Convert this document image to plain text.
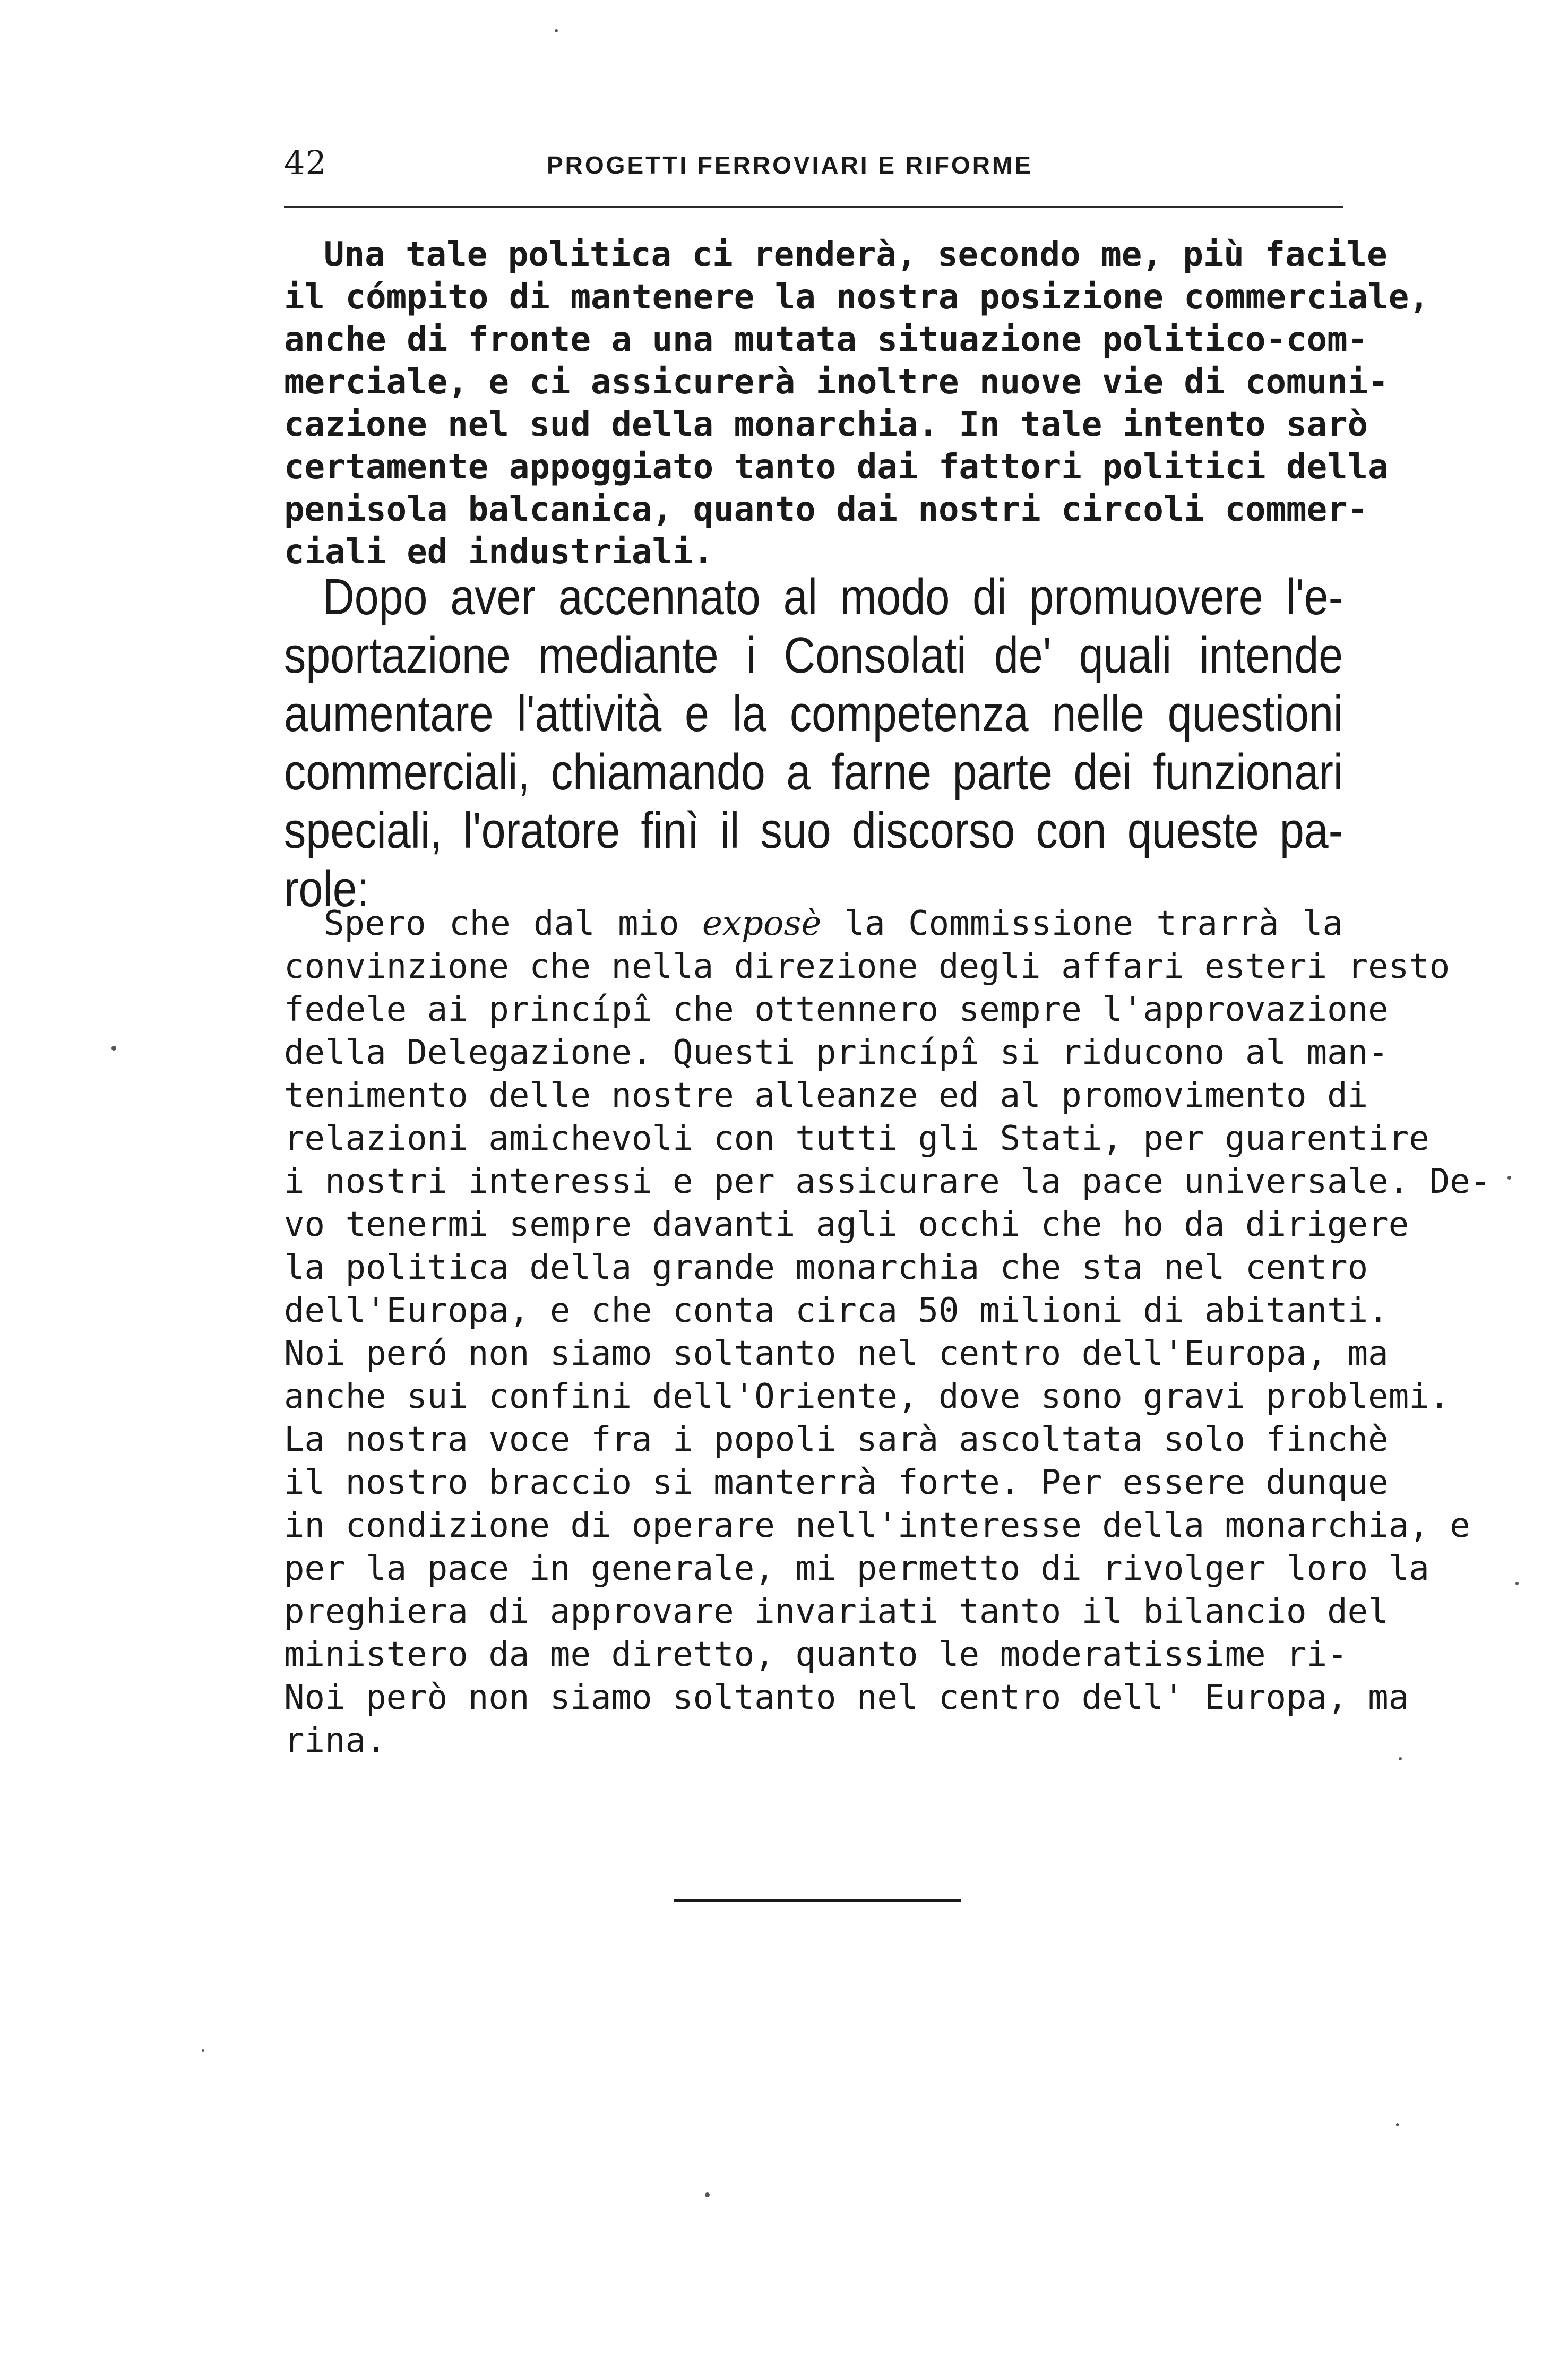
42	PROGETTI FERROVIARI E RIFORME
Una tale politica ci renderà, secondo me, più facile
il cómpito di mantenere la nostra posizione commerciale,
anche di fronte a una mutata situazione politico-com-
merciale, e ci assicurerà inoltre nuove vie di comuni-
cazione nel sud della monarchia. In tale intento sarò
certamente appoggiato tanto dai fattori politici della
penisola balcanica, quanto dai nostri circoli commer-
ciali ed industriali.
Dopo aver accennato al modo di promuovere l'e-
sportazione mediante i Consolati de' quali intende
aumentare l'attività e la competenza nelle questioni
commerciali, chiamando a farne parte dei funzionari
speciali, l'oratore finì il suo discorso con queste pa-
role:
Spero che dal mio exposè la Commissione trarrà la
convinzione che nella direzione degli affari esteri resto
fedele ai princípî che ottennero sempre l'approvazione
della Delegazione. Questi princípî si riducono al man-
tenimento delle nostre alleanze ed al promovimento di
relazioni amichevoli con tutti gli Stati, per guarentire
i nostri interessi e per assicurare la pace universale. De-
vo tenermi sempre davanti agli occhi che ho da dirigere
la politica della grande monarchia che sta nel centro
dell'Europa, e che conta circa 50 milioni di abitanti.
Noi peró non siamo soltanto nel centro dell'Europa, ma
anche sui confini dell'Oriente, dove sono gravi problemi.
La nostra voce fra i popoli sarà ascoltata solo finchè
il nostro braccio si manterrà forte. Per essere dunque
in condizione di operare nell'interesse della monarchia, e
per la pace in generale, mi permetto di rivolger loro la
preghiera di approvare invariati tanto il bilancio del
ministero da me diretto, quanto le moderatissime ri-
Noi però non siamo soltanto nel centro dell' Europa, ma
rina.
